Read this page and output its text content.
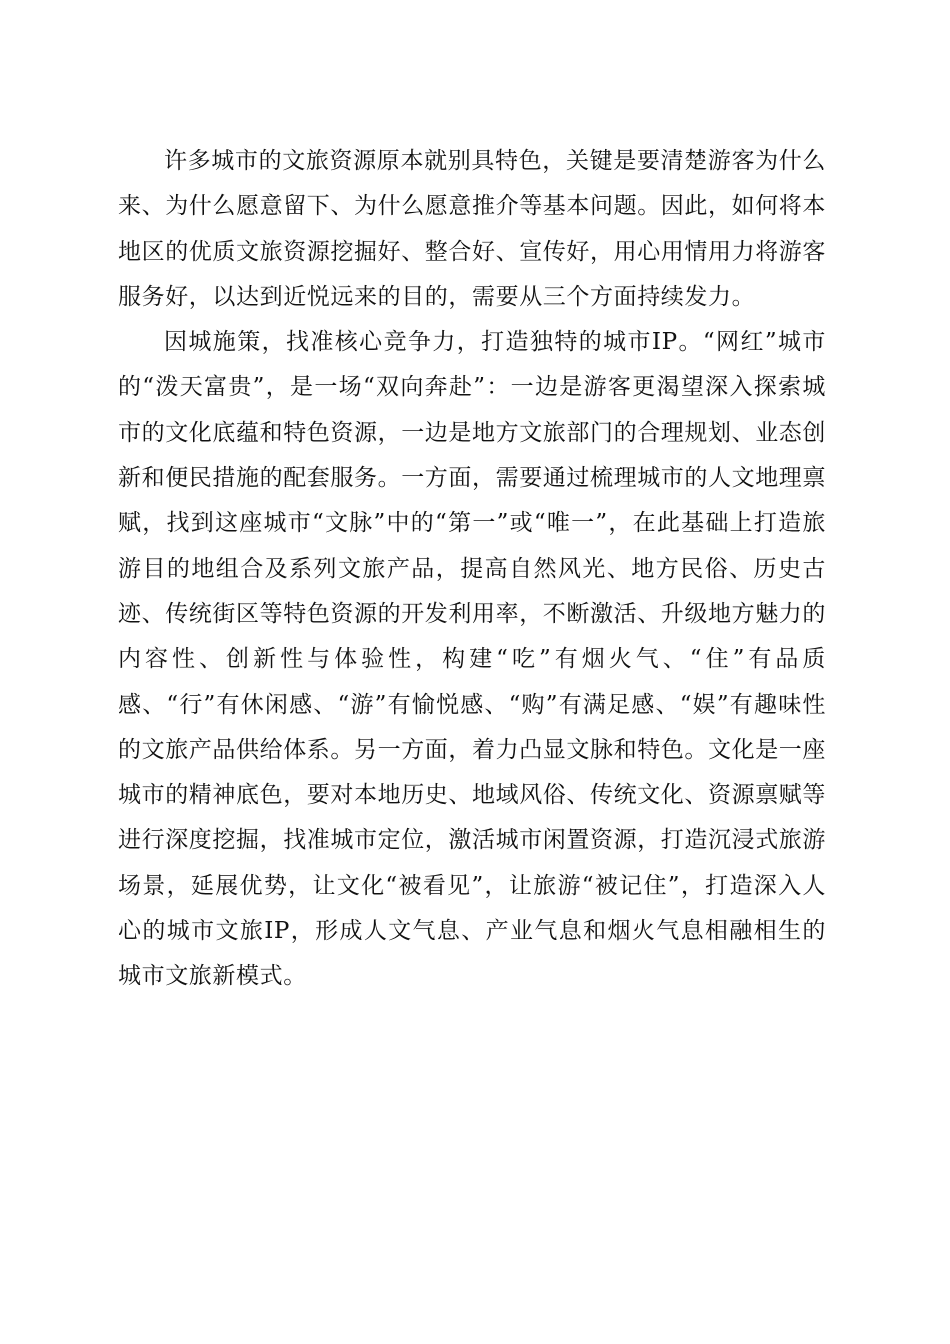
许多城市的文旅资源原本就别具特色，关键是要清楚游客为什么来、为什么愿意留下、为什么愿意推介等基本问题。因此，如何将本地区的优质文旅资源挖掘好、整合好、宣传好，用心用情用力将游客服务好，以达到近悦远来的目的，需要从三个方面持续发力。

因城施策，找准核心竞争力，打造独特的城市IP。“网红”城市的“泼天富贵”，是一场“双向奔赴”：一边是游客更渴望深入探索城市的文化底蕴和特色资源，一边是地方文旅部门的合理规划、业态创新和便民措施的配套服务。一方面，需要通过梳理城市的人文地理禀赋，找到这座城市“文脉”中的“第一”或“唯一”，在此基础上打造旅游目的地组合及系列文旅产品，提高自然风光、地方民俗、历史古迹、传统街区等特色资源的开发利用率，不断激活、升级地方魅力的内容性、创新性与体验性，构建“吃”有烟火气、“住”有品质感、“行”有休闲感、“游”有愉悦感、“购”有满足感、“娱”有趣味性的文旅产品供给体系。另一方面，着力凸显文脉和特色。文化是一座城市的精神底色，要对本地历史、地域风俗、传统文化、资源禀赋等进行深度挖掘，找准城市定位，激活城市闲置资源，打造沉浸式旅游场景，延展优势，让文化“被看见”，让旅游“被记住”，打造深入人心的城市文旅IP，形成人文气息、产业气息和烟火气息相融相生的城市文旅新模式。
